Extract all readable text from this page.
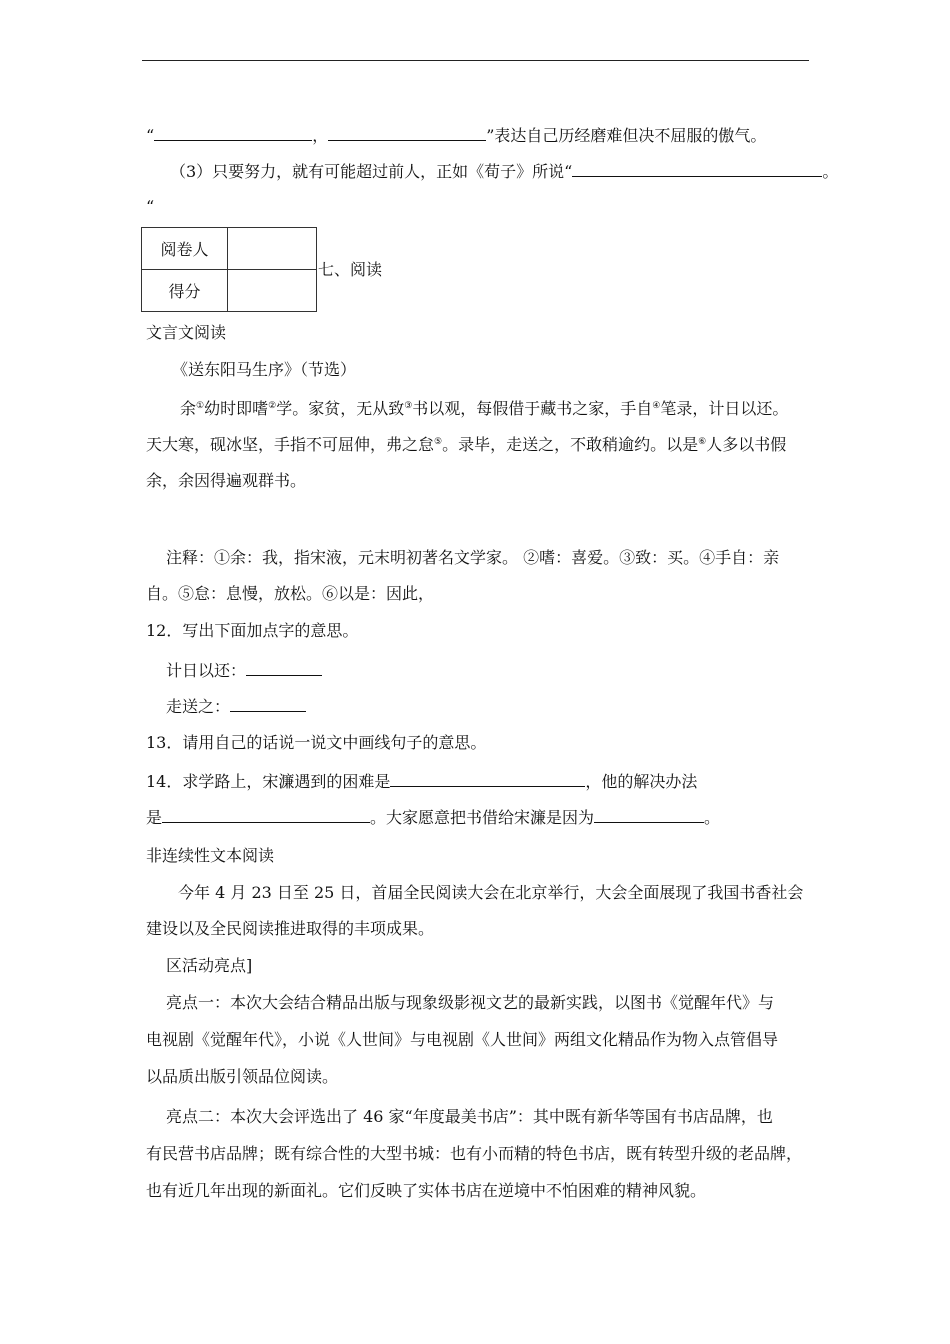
“	，	”表达自己历经磨难但决不屈服的傲气。
（3）只要努力，就有可能超过前人，正如《荀子》所说“	。
“
阅卷人	
得分	
七、阅读
文言文阅读
《送东阳马生序》（节选）
余①幼时即嗜②学。家贫，无从致③书以观，每假借于藏书之家，手自④笔录，计日以还。
天大寒，砚冰坚，手指不可屈伸，弗之怠⑤。录毕，走送之，不敢稍逾约。以是⑥人多以书假
余，余因得遍观群书。
注释：①余：我，指宋液，元末明初著名文学家。 ②嗜：喜爱。③致：买。④手自：亲
自。⑤怠：息慢，放松。⑥以是：因此，
12．写出下面加点字的意思。
计日以还：
走送之：
13．请用自己的话说一说文中画线句子的意思。
14．求学路上，宋濂遇到的困难是	，他的解决办法
是	。大家愿意把书借给宋濂是因为	。
非连续性文本阅读
今年 4 月 23 日至 25 日，首届全民阅读大会在北京举行，大会全面展现了我国书香社会
建设以及全民阅读推进取得的丰项成果。
区活动亮点]
亮点一：本次大会结合精品出版与现象级影视文艺的最新实践，以图书《觉醒年代》与
电视剧《觉醒年代》，小说《人世间》与电视剧《人世间》两组文化精品作为物入点管倡导
以品质出版引领品位阅读。
亮点二：本次大会评选出了 46 家“年度最美书店”：其中既有新华等国有书店品牌，也
有民营书店品牌；既有综合性的大型书城：也有小而精的特色书店，既有转型升级的老品牌，
也有近几年出现的新面礼。它们反映了实体书店在逆境中不怕困难的精神风貌。
